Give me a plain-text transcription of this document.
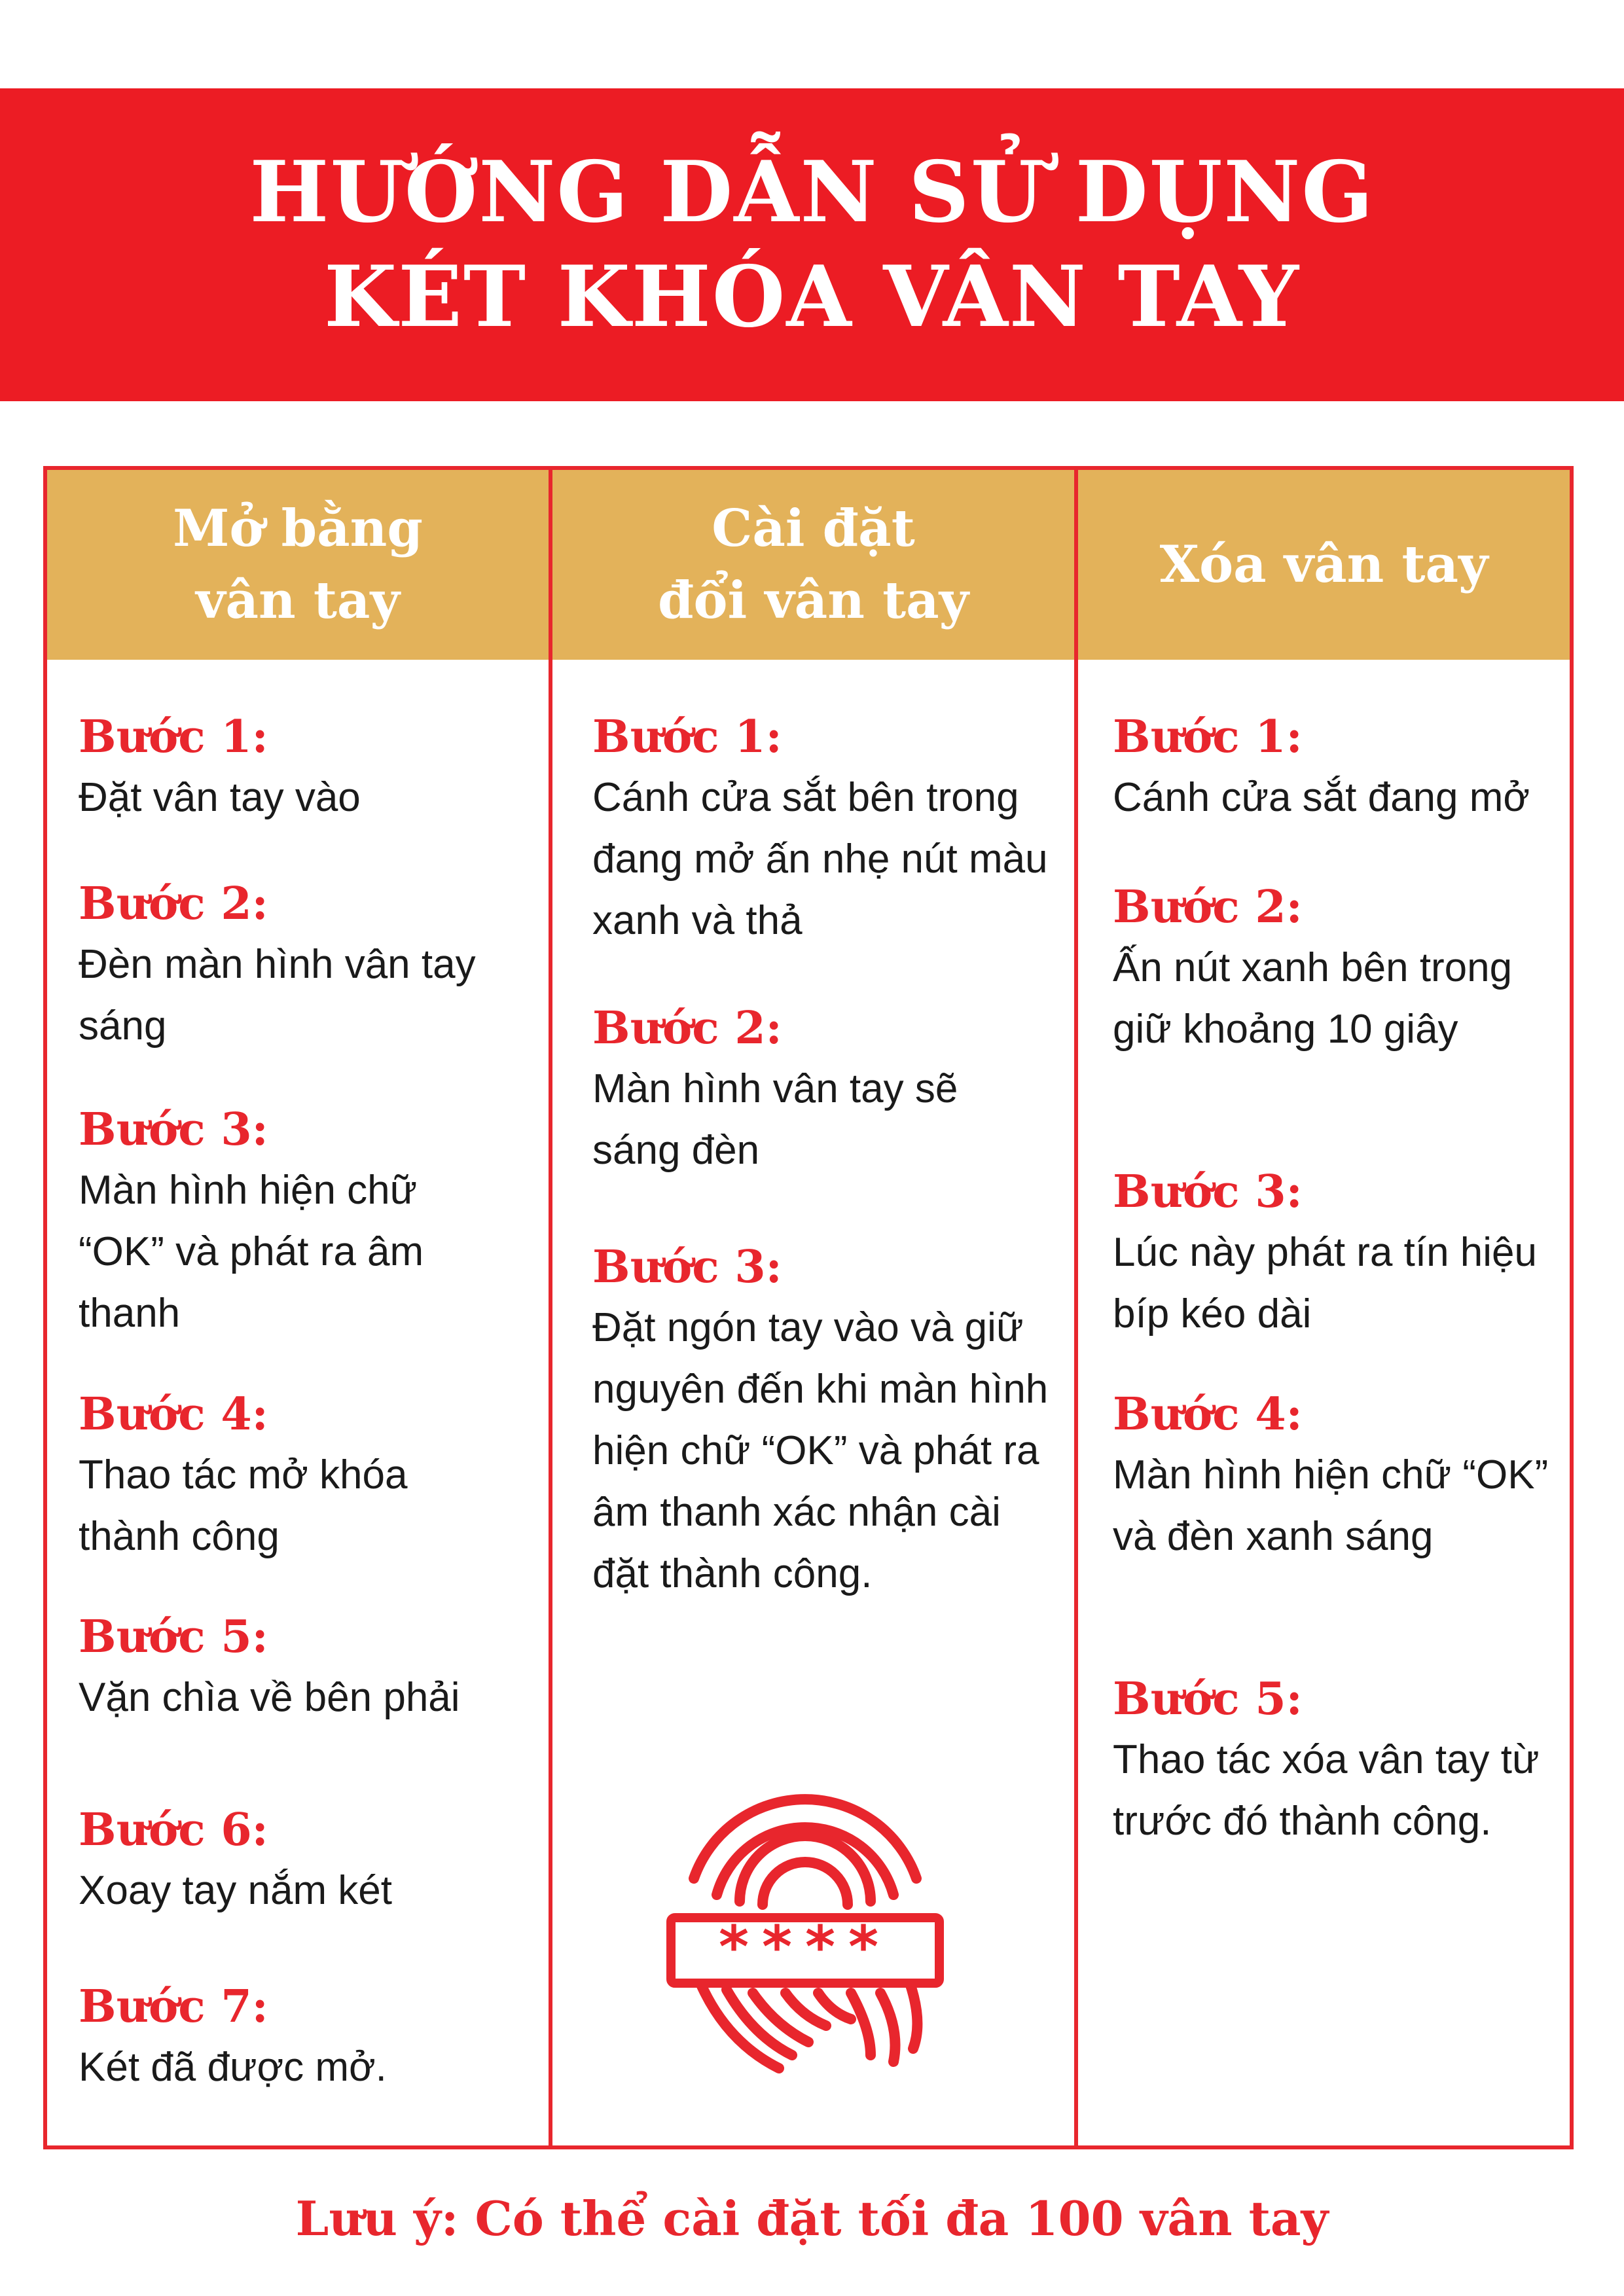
HƯỚNG DẪN SỬ DỤNG
KÉT KHÓA VÂN TAY
Mở bằng
vân tay
Cài đặt
đổi vân tay
Xóa vân tay
Bước 1:
Đặt vân tay vào
Bước 2:
Đèn màn hình vân tay sáng
Bước 3:
Màn hình hiện chữ “OK” và phát ra âm thanh
Bước 4:
Thao tác mở khóa thành công
Bước 5:
Vặn chìa về bên phải
Bước 6:
Xoay tay nắm két
Bước 7:
Két đã được mở.
Bước 1:
Cánh cửa sắt bên trong đang mở ấn nhẹ nút màu xanh và thả
Bước 2:
Màn hình vân tay sẽ sáng đèn
Bước 3:
Đặt ngón tay vào và giữ nguyên đến khi màn hình hiện chữ “OK” và phát ra âm thanh xác nhận cài đặt thành công.
Bước 1:
Cánh cửa sắt đang mở
Bước 2:
Ấn nút xanh bên trong giữ khoảng 10 giây
Bước 3:
Lúc này phát ra tín hiệu bíp kéo dài
Bước 4:
Màn hình hiện chữ “OK” và đèn xanh sáng
Bước 5:
Thao tác xóa vân tay từ trước đó thành công.
****
Lưu ý: Có thể cài đặt tối đa 100 vân tay
